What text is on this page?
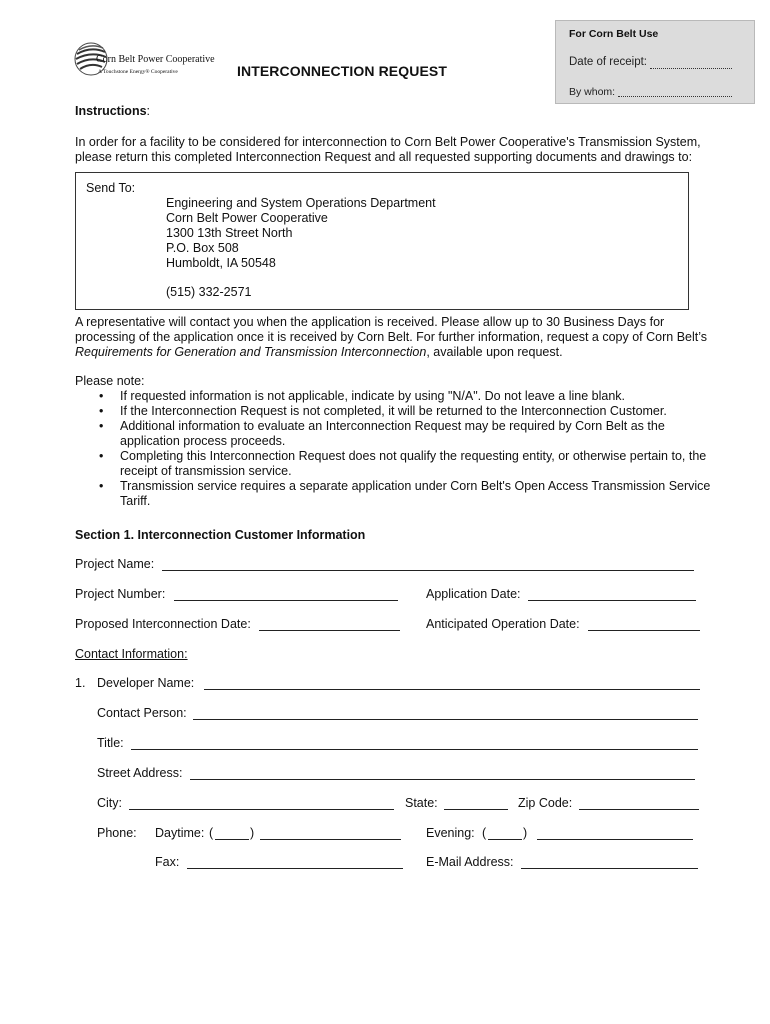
For Corn Belt Use
Date of receipt:
By whom:
Corn Belt Power Cooperative
A Touchstone Energy® Cooperative	INTERCONNECTION REQUEST
Instructions:
In order for a facility to be considered for interconnection to Corn Belt Power Cooperative's Transmission System, please return this completed Interconnection Request and all requested supporting documents and drawings to:
Send To:
Engineering and System Operations Department
Corn Belt Power Cooperative
1300 13th Street North
P.O. Box 508
Humboldt, IA 50548
(515) 332-2571
A representative will contact you when the application is received. Please allow up to 30 Business Days for processing of the application once it is received by Corn Belt. For further information, request a copy of Corn Belt’s Requirements for Generation and Transmission Interconnection, available upon request.
Please note:
• If requested information is not applicable, indicate by using "N/A". Do not leave a line blank.
• If the Interconnection Request is not completed, it will be returned to the Interconnection Customer.
• Additional information to evaluate an Interconnection Request may be required by Corn Belt as the application process proceeds.
• Completing this Interconnection Request does not qualify the requesting entity, or otherwise pertain to, the receipt of transmission service.
• Transmission service requires a separate application under Corn Belt's Open Access Transmission Service Tariff.
Section 1. Interconnection Customer Information
Project Name:
Project Number:	Application Date:
Proposed Interconnection Date:	Anticipated Operation Date:
Contact Information:
1. Developer Name:
Contact Person:
Title:
Street Address:
City:	State:	Zip Code:
Phone: Daytime: (	)	Evening: (	)
Fax:	E-Mail Address:
